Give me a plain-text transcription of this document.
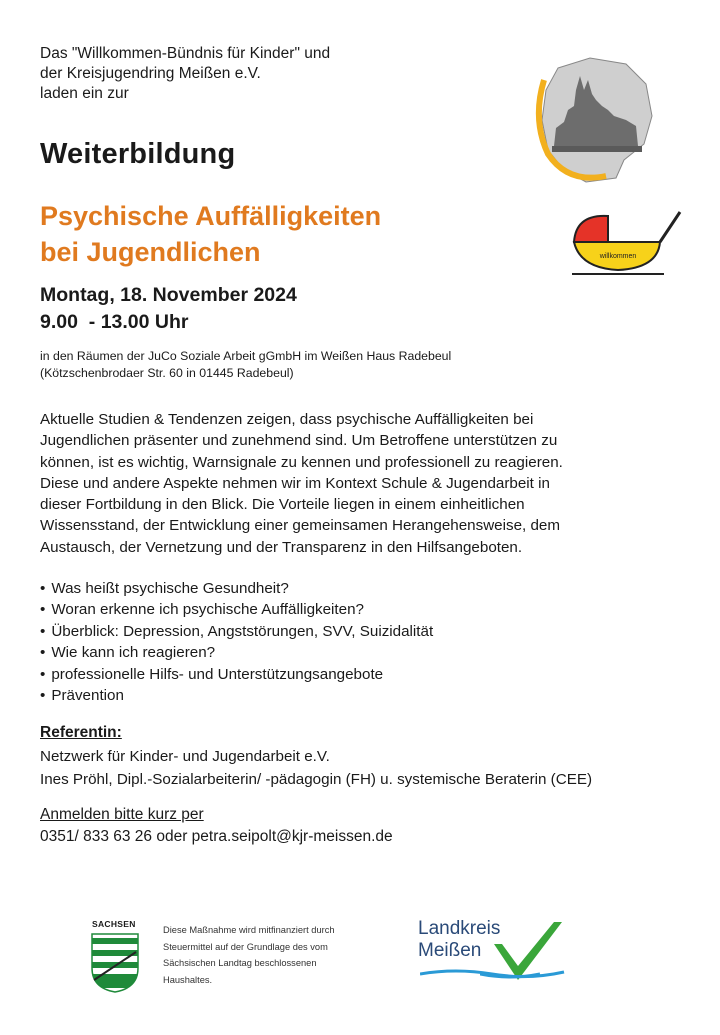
Das "Willkommen-Bündnis für Kinder" und
der Kreisjugendring Meißen e.V.
laden ein zur
Weiterbildung
Psychische Auffälligkeiten
bei Jugendlichen	willkommen
Montag, 18. November 2024
9.00  - 13.00 Uhr
in den Räumen der JuCo Soziale Arbeit gGmbH im Weißen Haus Radebeul
(Kötzschenbrodaer Str. 60 in 01445 Radebeul)
Aktuelle Studien & Tendenzen zeigen, dass psychische Auffälligkeiten bei
Jugendlichen präsenter und zunehmend sind. Um Betroffene unterstützen zu
können, ist es wichtig, Warnsignale zu kennen und professionell zu reagieren.
Diese und andere Aspekte nehmen wir im Kontext Schule & Jugendarbeit in
dieser Fortbildung in den Blick. Die Vorteile liegen in einem einheitlichen
Wissensstand, der Entwicklung einer gemeinsamen Herangehensweise, dem
Austausch, der Vernetzung und der Transparenz in den Hilfsangeboten.
• Was heißt psychische Gesundheit?
• Woran erkenne ich psychische Auffälligkeiten?
• Überblick: Depression, Angststörungen, SVV, Suizidalität
• Wie kann ich reagieren?
• professionelle Hilfs- und Unterstützungsangebote
• Prävention
Referentin:
Netzwerk für Kinder- und Jugendarbeit e.V.
Ines Pröhl, Dipl.-Sozialarbeiterin/ -pädagogin (FH) u. systemische Beraterin (CEE)
Anmelden bitte kurz per
0351/ 833 63 26 oder petra.seipolt@kjr-meissen.de
SACHSEN
Diese Maßnahme wird mitfinanziert durch
Steuermittel auf der Grundlage des vom
Sächsischen Landtag beschlossenen
Haushaltes.
Landkreis
Meißen
